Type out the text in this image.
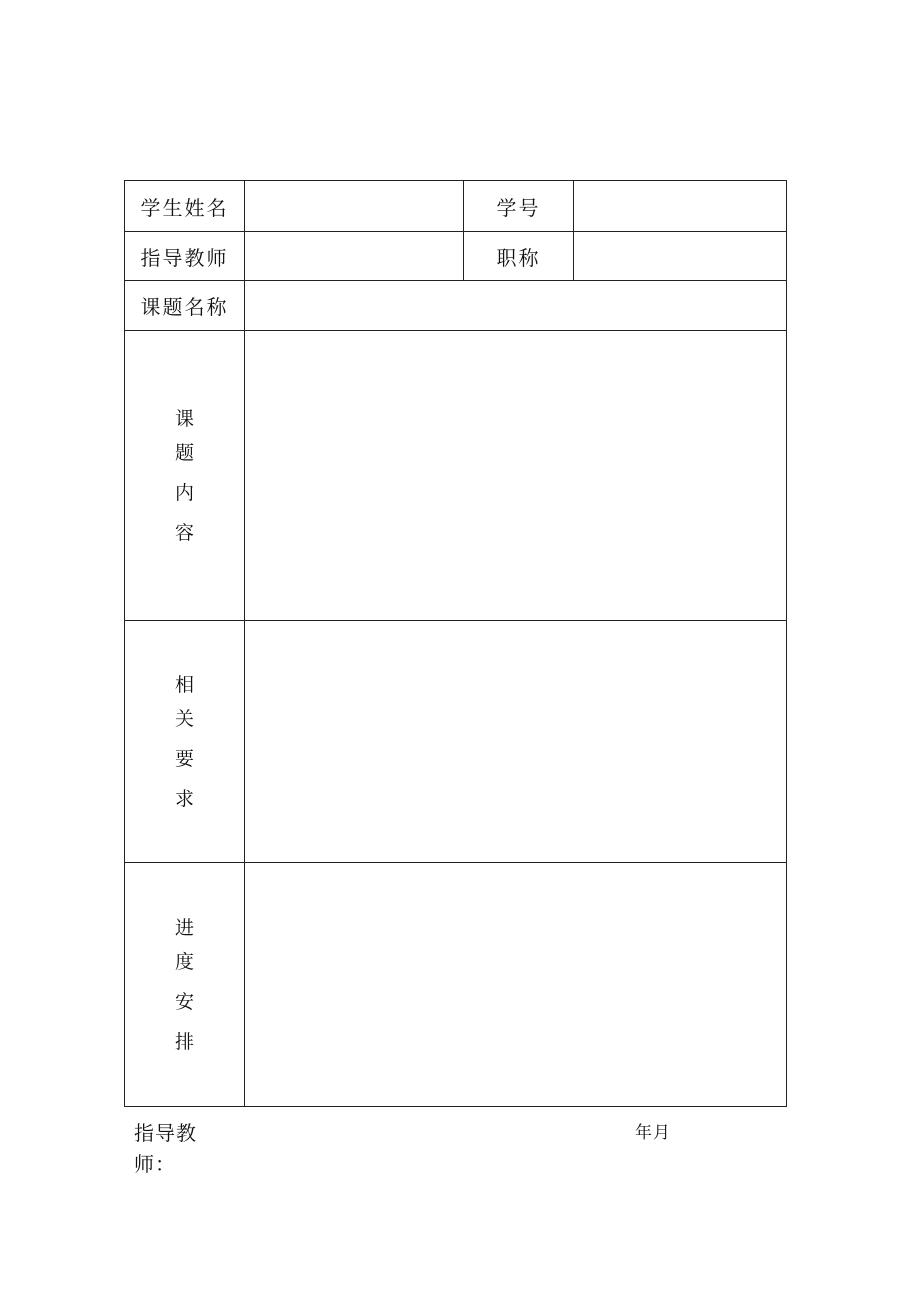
学生姓名		学号	
指导教师		职称	
课题名称			

课
题
内
容			

相
关
要
求			

进
度
安
排			

指导教师：
年月
